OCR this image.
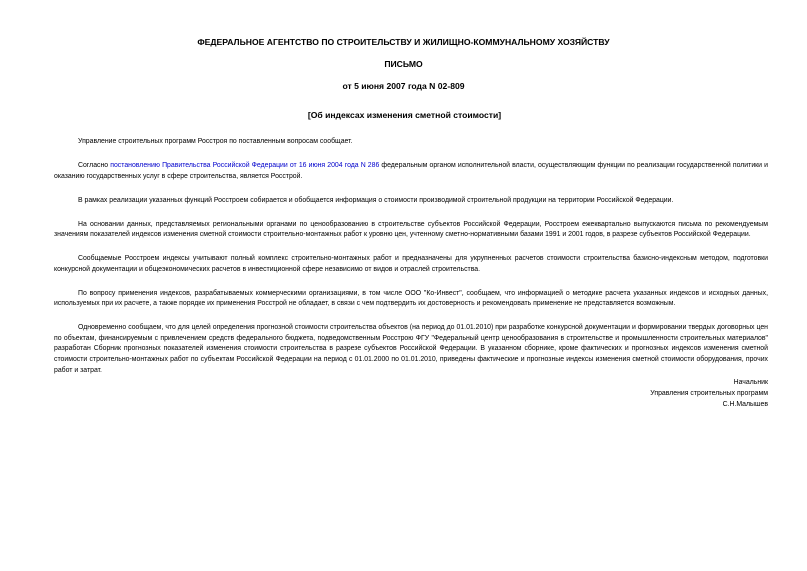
ФЕДЕРАЛЬНОЕ АГЕНТСТВО ПО СТРОИТЕЛЬСТВУ И ЖИЛИЩНО-КОММУНАЛЬНОМУ ХОЗЯЙСТВУ
ПИСЬМО
от 5 июня 2007 года N 02-809
[Об индексах изменения сметной стоимости]

Управление строительных программ Росстроя по поставленным вопросам сообщает.

Согласно постановлению Правительства Российской Федерации от 16 июня 2004 года N 286 федеральным органом исполнительной власти, осуществляющим функции по реализации государственной политики и оказанию государственных услуг в сфере строительства, является Росстрой.

В рамках реализации указанных функций Росстроем собирается и обобщается информация о стоимости производимой строительной продукции на территории Российской Федерации.

На основании данных, представляемых региональными органами по ценообразованию в строительстве субъектов Российской Федерации, Росстроем ежеквартально выпускаются письма по рекомендуемым значениям показателей индексов изменения сметной стоимости строительно-монтажных работ к уровню цен, учтенному сметно-нормативными базами 1991 и 2001 годов, в разрезе субъектов Российской Федерации.

Сообщаемые Росстроем индексы учитывают полный комплекс строительно-монтажных работ и предназначены для укрупненных расчетов стоимости строительства базисно-индексным методом, подготовки конкурсной документации и общеэкономических расчетов в инвестиционной сфере независимо от видов и отраслей строительства.

По вопросу применения индексов, разрабатываемых коммерческими организациями, в том числе ООО "Ко-Инвест", сообщаем, что информацией о методике расчета указанных индексов и исходных данных, используемых при их расчете, а также порядке их применения Росстрой не обладает, в связи с чем подтвердить их достоверность и рекомендовать применение не представляется возможным.

Одновременно сообщаем, что для целей определения прогнозной стоимости строительства объектов (на период до 01.01.2010) при разработке конкурсной документации и формировании твердых договорных цен по объектам, финансируемым с привлечением средств федерального бюджета, подведомственным Росстрою ФГУ "Федеральный центр ценообразования в строительстве и промышленности строительных материалов" разработан Сборник прогнозных показателей изменения стоимости строительства в разрезе субъектов Российской Федерации. В указанном сборнике, кроме фактических и прогнозных индексов изменения сметной стоимости строительно-монтажных работ по субъектам Российской Федерации на период с 01.01.2000 по 01.01.2010, приведены фактические и прогнозные индексы изменения сметной стоимости оборудования, прочих работ и затрат.

Начальник
Управления строительных программ
С.Н.Малышев
